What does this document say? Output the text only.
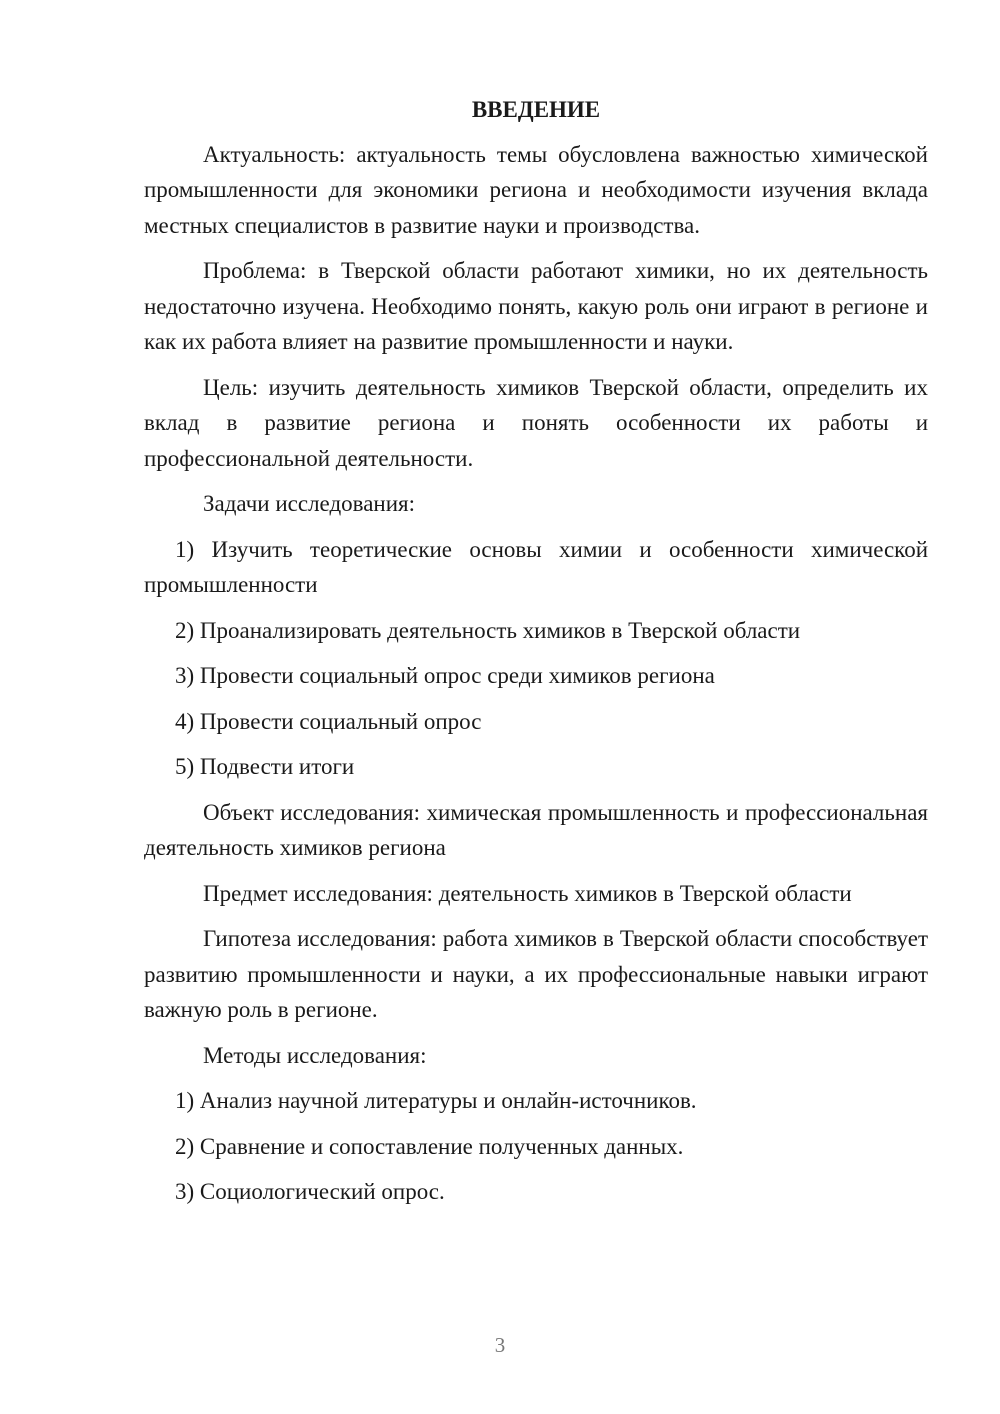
ВВЕДЕНИЕ

Актуальность: актуальность темы обусловлена важностью химической промышленности для экономики региона и необходимости изучения вклада местных специалистов в развитие науки и производства.

Проблема: в Тверской области работают химики, но их деятельность недостаточно изучена. Необходимо понять, какую роль они играют в регионе и как их работа влияет на развитие промышленности и науки.

Цель: изучить деятельность химиков Тверской области, определить их вклад в развитие региона и понять особенности их работы и профессиональной деятельности.

Задачи исследования:

1) Изучить теоретические основы химии и особенности химической промышленности

2) Проанализировать деятельность химиков в Тверской области

3) Провести социальный опрос среди химиков региона

4) Провести социальный опрос

5) Подвести итоги

Объект исследования: химическая промышленность и профессиональная деятельность химиков региона

Предмет исследования: деятельность химиков в Тверской области

Гипотеза исследования: работа химиков в Тверской области способствует развитию промышленности и науки, а их профессиональные навыки играют важную роль в регионе.

Методы исследования:

1) Анализ научной литературы и онлайн-источников.

2) Сравнение и сопоставление полученных данных.

3) Социологический опрос.

3
